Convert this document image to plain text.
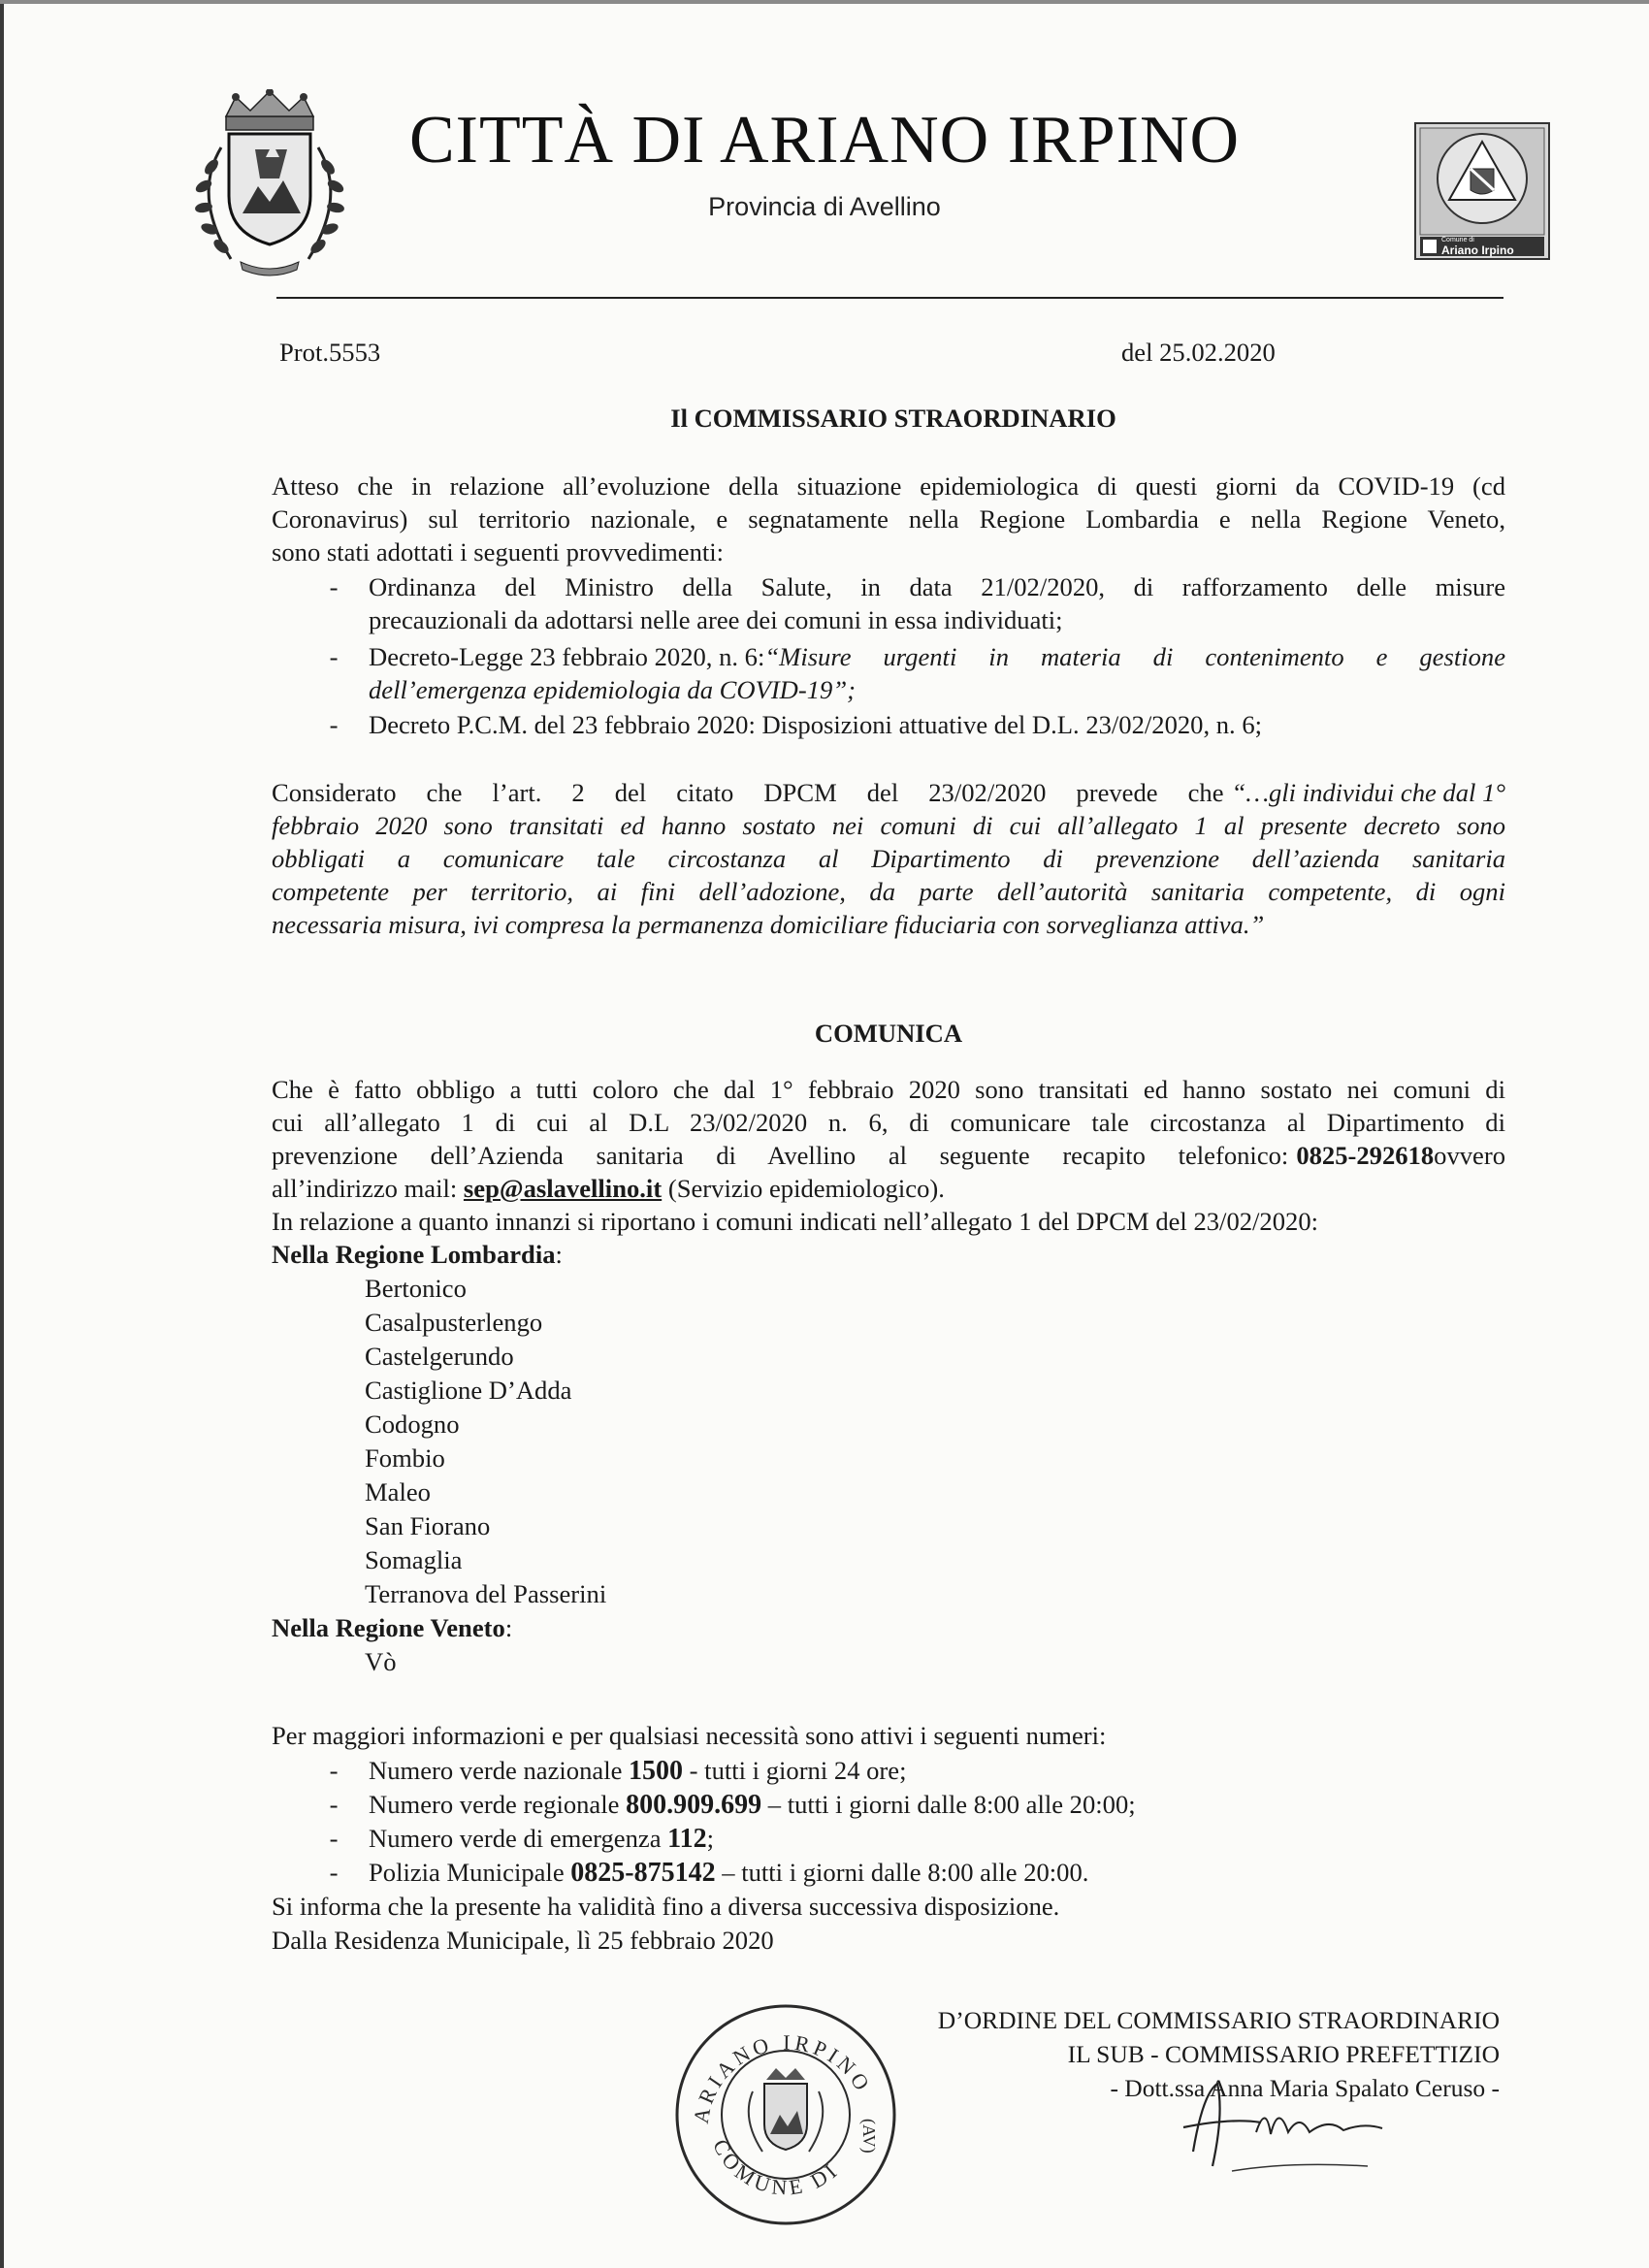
CITTÀ DI ARIANO IRPINO
Provincia di Avellino
Comune di
Ariano Irpino
Prot.5553	del 25.02.2020
Il COMMISSARIO STRAORDINARIO
Atteso che in relazione all’evoluzione della situazione epidemiologica di questi giorni da COVID-19 (cd
Coronavirus) sul territorio nazionale, e segnatamente nella Regione Lombardia e nella Regione Veneto,
sono stati adottati i seguenti provvedimenti:
- Ordinanza del Ministro della Salute, in data 21/02/2020, di rafforzamento delle misure
precauzionali da adottarsi nelle aree dei comuni in essa individuati;
- Decreto-Legge 23 febbraio 2020, n. 6: “Misure urgenti in materia di contenimento e gestione
dell’emergenza epidemiologia da COVID-19”;
- Decreto P.C.M. del 23 febbraio 2020: Disposizioni attuative del D.L. 23/02/2020, n. 6;
Considerato che l’art. 2 del citato DPCM del 23/02/2020 prevede che “…gli individui che dal 1°
febbraio 2020 sono transitati ed hanno sostato nei comuni di cui all’allegato 1 al presente decreto sono
obbligati a comunicare tale circostanza al Dipartimento di prevenzione dell’azienda sanitaria
competente per territorio, ai fini dell’adozione, da parte dell’autorità sanitaria competente, di ogni
necessaria misura, ivi compresa la permanenza domiciliare fiduciaria con sorveglianza attiva.”
COMUNICA
Che è fatto obbligo a tutti coloro che dal 1° febbraio 2020 sono transitati ed hanno sostato nei comuni di
cui all’allegato 1 di cui al D.L 23/02/2020 n. 6, di comunicare tale circostanza al Dipartimento di
prevenzione dell’Azienda sanitaria di Avellino al seguente recapito telefonico: 0825-292618 ovvero
all’indirizzo mail: sep@aslavellino.it (Servizio epidemiologico).
In relazione a quanto innanzi si riportano i comuni indicati nell’allegato 1 del DPCM del 23/02/2020:
Nella Regione Lombardia:
Bertonico
Casalpusterlengo
Castelgerundo
Castiglione D’Adda
Codogno
Fombio
Maleo
San Fiorano
Somaglia
Terranova del Passerini
Nella Regione Veneto:
Vò
Per maggiori informazioni e per qualsiasi necessità sono attivi i seguenti numeri:
- Numero verde nazionale 1500 - tutti i giorni 24 ore;
- Numero verde regionale 800.909.699 – tutti i giorni dalle 8:00 alle 20:00;
- Numero verde di emergenza 112;
- Polizia Municipale 0825-875142 – tutti i giorni dalle 8:00 alle 20:00.
Si informa che la presente ha validità fino a diversa successiva disposizione.
Dalla Residenza Municipale, lì 25 febbraio 2020
D’ORDINE DEL COMMISSARIO STRAORDINARIO
IL SUB - COMMISSARIO PREFETTIZIO
- Dott.ssa Anna Maria Spalato Ceruso -
ARIANO IRPINO
COMUNE DI
(AV)
